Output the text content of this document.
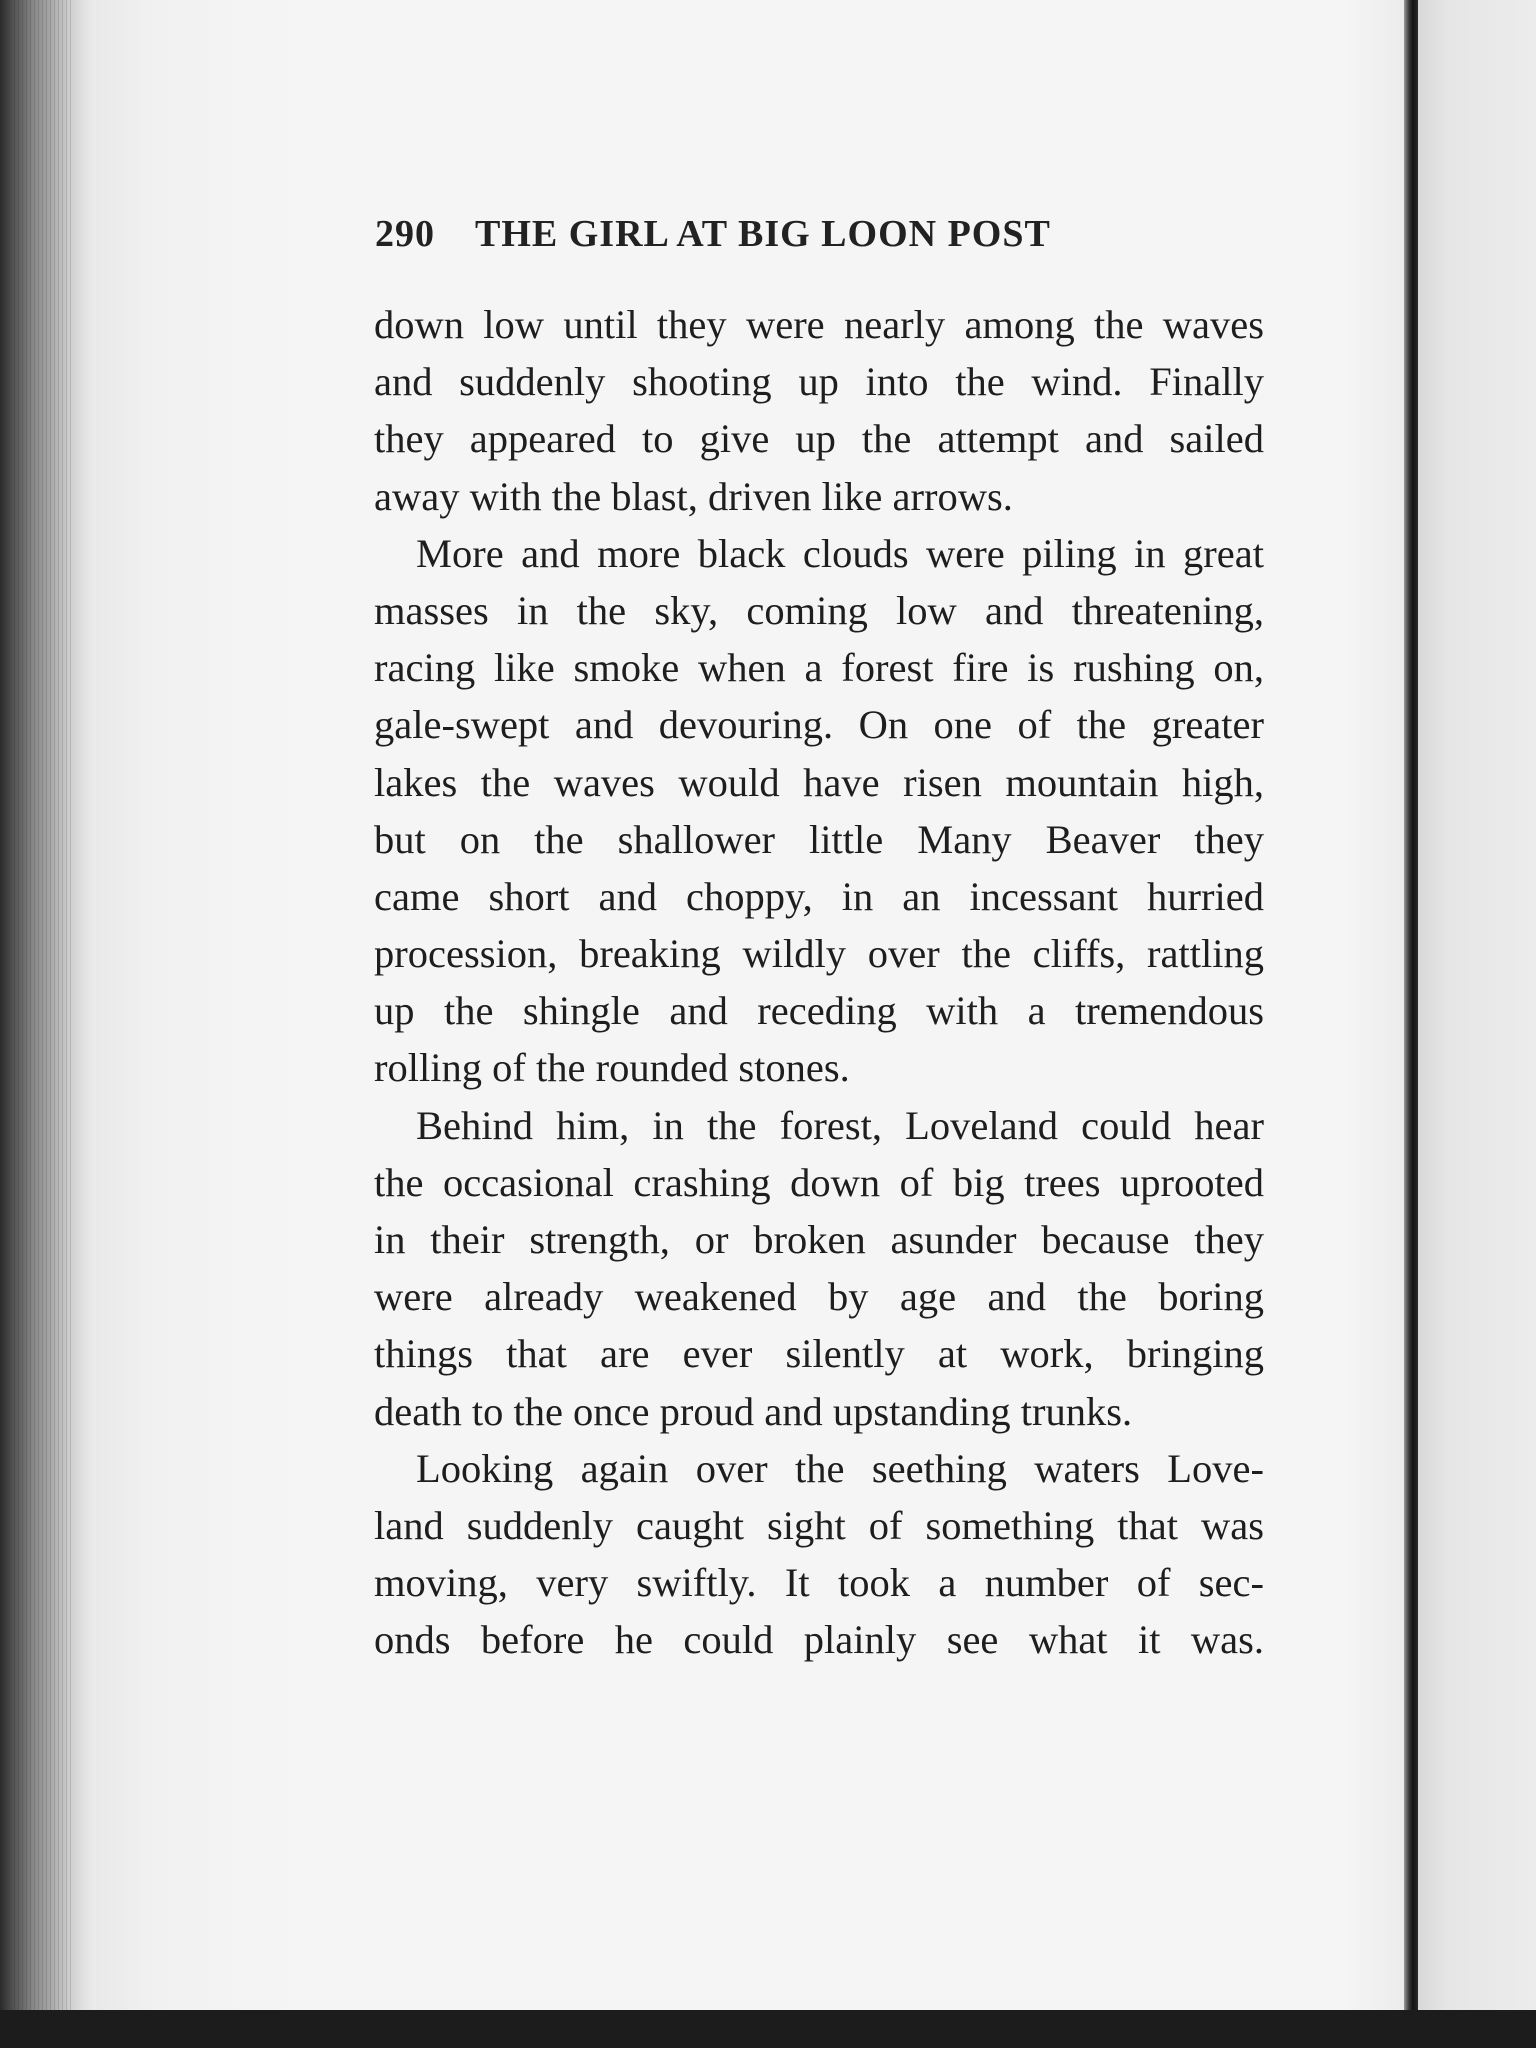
290 THE GIRL AT BIG LOON POST
down low until they were nearly among the waves
and suddenly shooting up into the wind. Finally
they appeared to give up the attempt and sailed
away with the blast, driven like arrows.
More and more black clouds were piling in great
masses in the sky, coming low and threatening,
racing like smoke when a forest fire is rushing on,
gale-swept and devouring. On one of the greater
lakes the waves would have risen mountain high,
but on the shallower little Many Beaver they
came short and choppy, in an incessant hurried
procession, breaking wildly over the cliffs, rattling
up the shingle and receding with a tremendous
rolling of the rounded stones.
Behind him, in the forest, Loveland could hear
the occasional crashing down of big trees uprooted
in their strength, or broken asunder because they
were already weakened by age and the boring
things that are ever silently at work, bringing
death to the once proud and upstanding trunks.
Looking again over the seething waters Love-
land suddenly caught sight of something that was
moving, very swiftly. It took a number of sec-
onds before he could plainly see what it was.
